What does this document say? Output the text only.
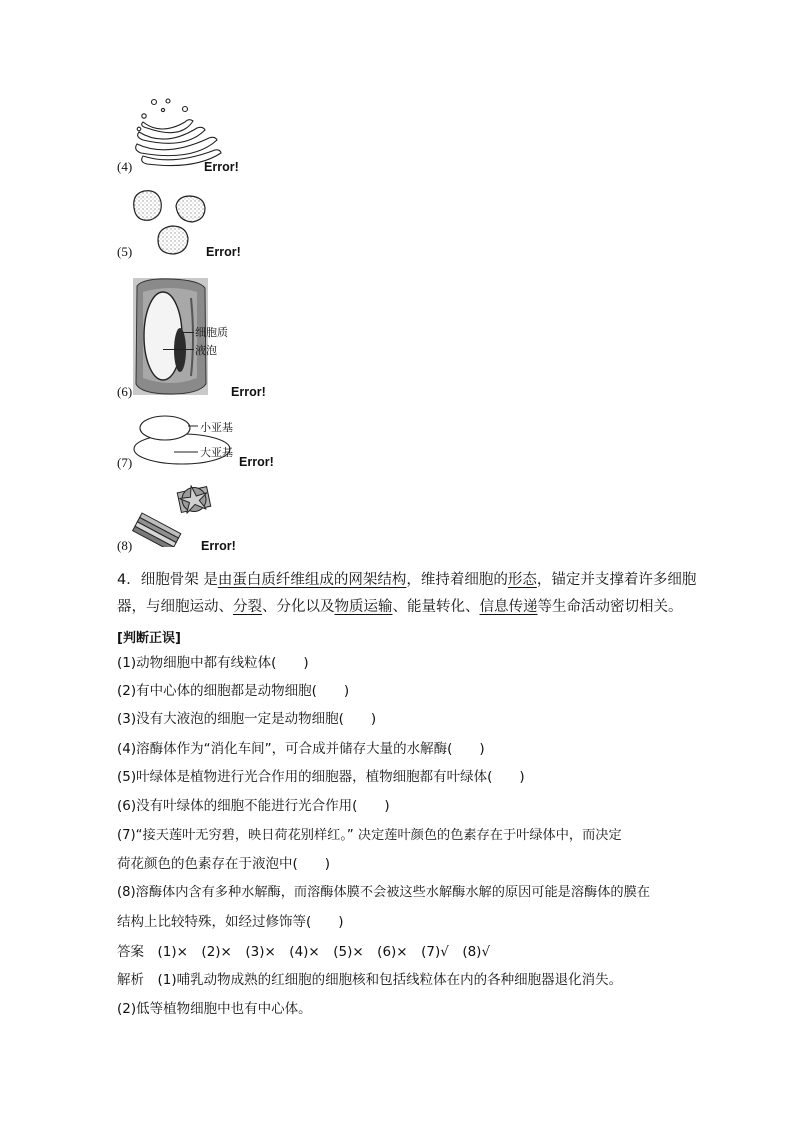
(4)	Error!
(5)	Error!
细胞质
液泡
(6)	Error!
小亚基
大亚基
(7)	Error!
(8)	Error!
4．细胞骨架 是由蛋白质纤维组成的网架结构，维持着细胞的形态，锚定并支撑着许多细胞
器，与细胞运动、分裂、分化以及物质运输、能量转化、信息传递等生命活动密切相关。
[判断正误]
(1)动物细胞中都有线粒体(　　)
(2)有中心体的细胞都是动物细胞(　　)
(3)没有大液泡的细胞一定是动物细胞(　　)
(4)溶酶体作为“消化车间”，可合成并储存大量的水解酶(　　)
(5)叶绿体是植物进行光合作用的细胞器，植物细胞都有叶绿体(　　)
(6)没有叶绿体的细胞不能进行光合作用(　　)
(7)“接天莲叶无穷碧，映日荷花别样红。” 决定莲叶颜色的色素存在于叶绿体中，而决定
荷花颜色的色素存在于液泡中(　　)
(8)溶酶体内含有多种水解酶，而溶酶体膜不会被这些水解酶水解的原因可能是溶酶体的膜在
结构上比较特殊，如经过修饰等(　　)
答案　(1)×　(2)×　(3)×　(4)×　(5)×　(6)×　(7)√　(8)√
解析　(1)哺乳动物成熟的红细胞的细胞核和包括线粒体在内的各种细胞器退化消失。
(2)低等植物细胞中也有中心体。
